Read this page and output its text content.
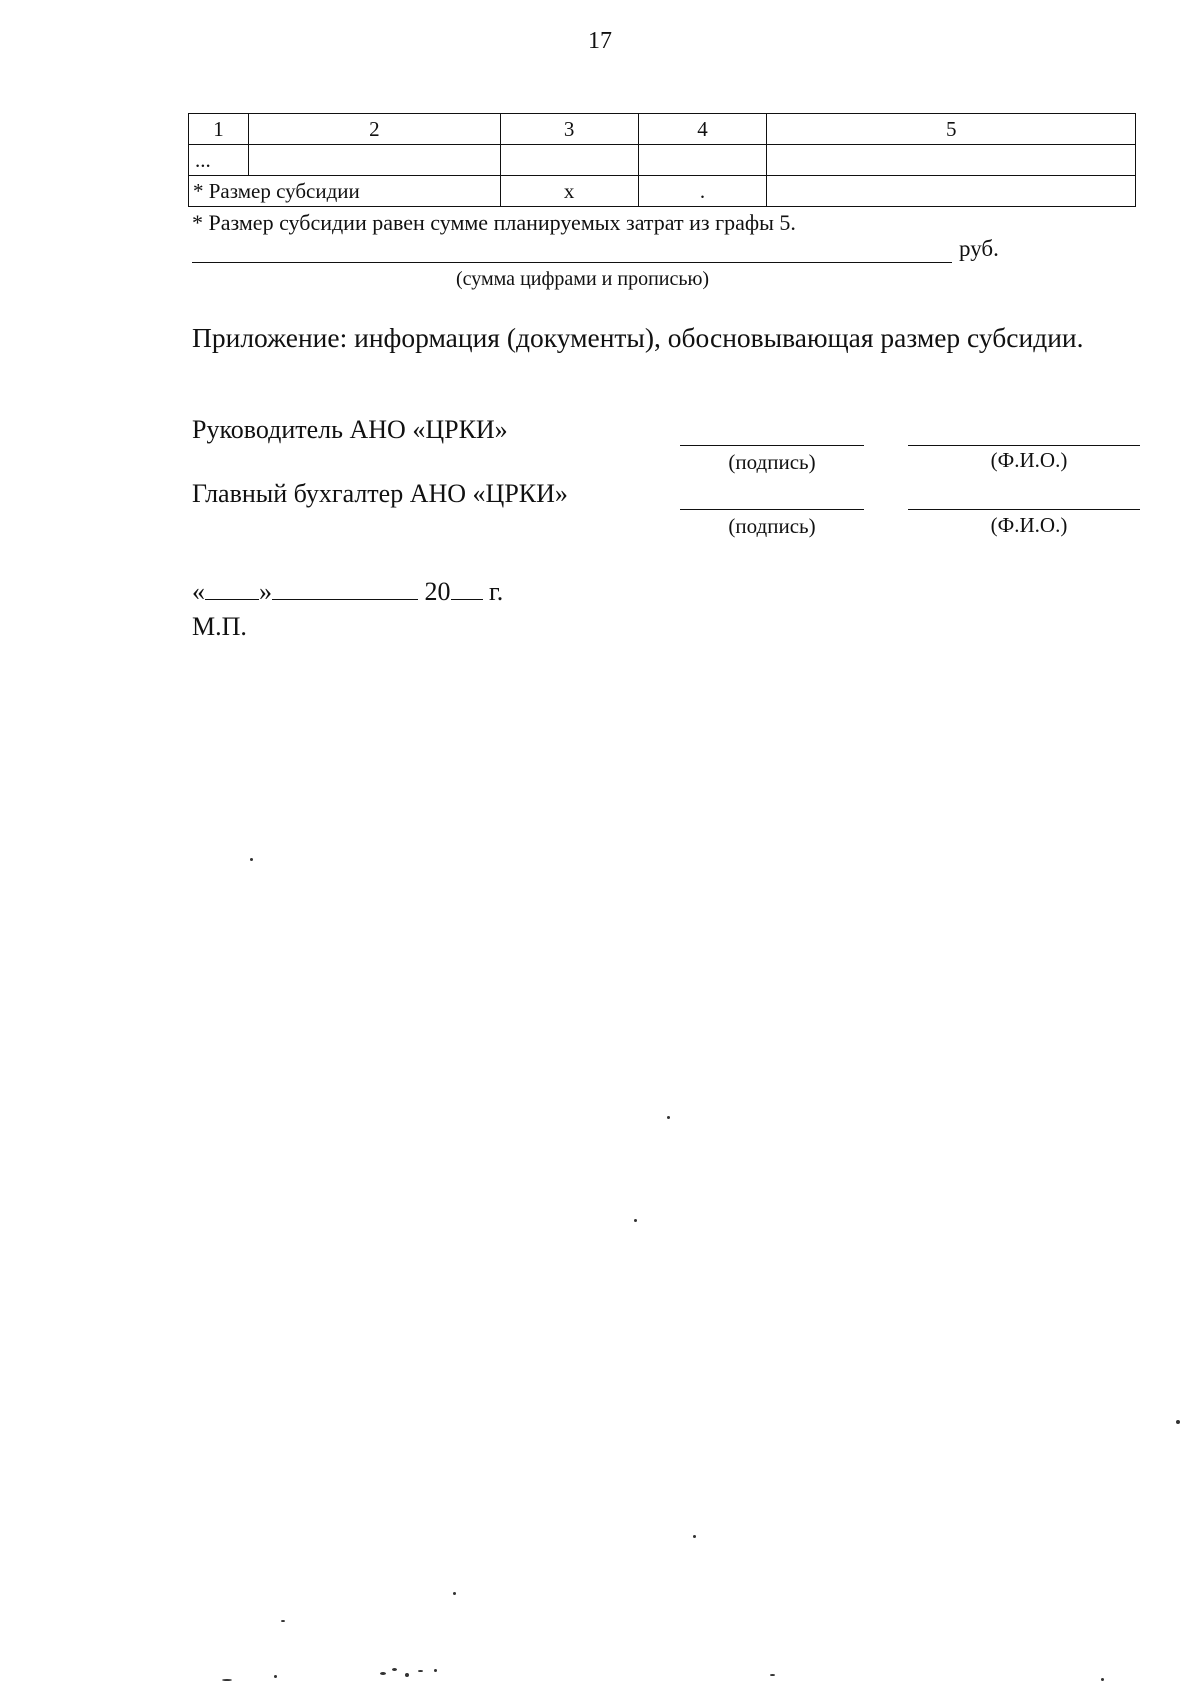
17
1	2	3	4	5
...				
* Размер субсидии		x	.	
* Размер субсидии равен сумме планируемых затрат из графы 5.
руб.
(сумма цифрами и прописью)
Приложение: информация (документы), обосновывающая размер субсидии.
Руководитель АНО «ЦРКИ»
(подпись)	(Ф.И.О.)
Главный бухгалтер АНО «ЦРКИ»
(подпись)	(Ф.И.О.)
« »	20 г.
М.П.
